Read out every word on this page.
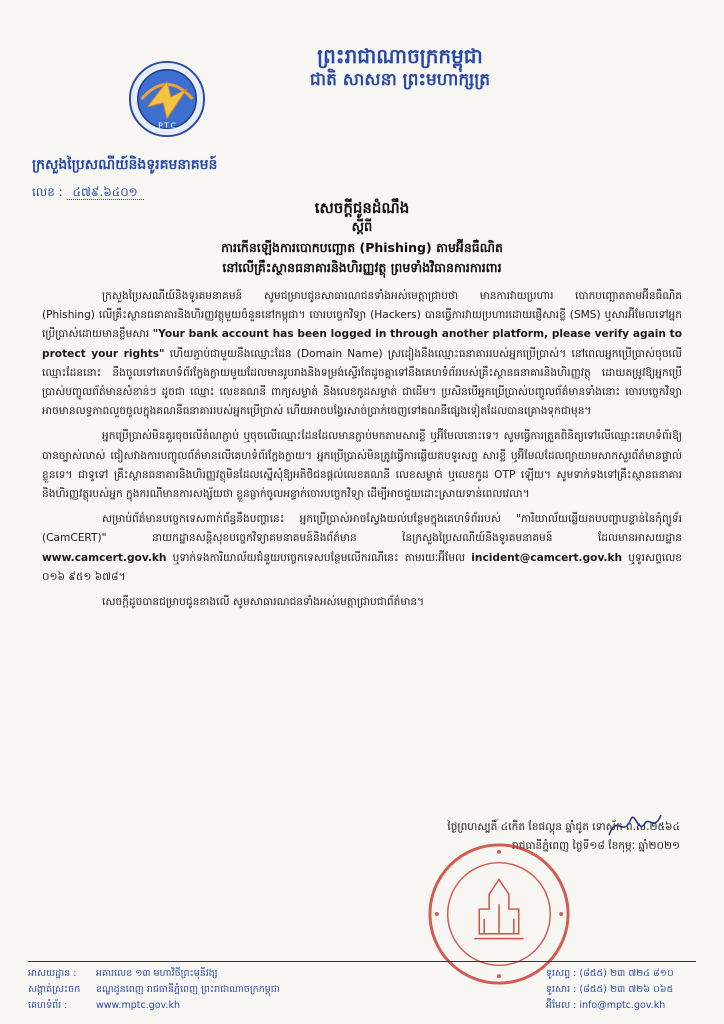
ព្រះរាជាណាចក្រកម្ពុជា
ជាតិ សាសនា ព្រះមហាក្សត្រ
P.T.C
ក្រសួងប្រៃសណីយ៍និងទូរគមនាគមន៍
លេខ : ៤៧៩.៦៤០១
សេចក្តីជូនដំណឹង
ស្តីពី
ការកើនឡើងការបោកបញ្ឆោត (Phishing) តាមអ៊ីនធឺណិត
នៅលើគ្រឹះស្ថានធនាគារនិងហិរញ្ញវត្ថុ ព្រមទាំងវិធានការការពារ

ក្រសួងប្រៃសណីយ៍និងទូរគមនាគមន៍ សូមជម្រាបជូនសាធារណជនទាំងអស់មេត្តាជ្រាបថា មានការវាយប្រហារ បោកបញ្ឆោតតាមអ៊ីនធឺណិត (Phishing) លើគ្រឹះស្ថានធនាគារនិងហិរញ្ញវត្ថុមួយចំនួននៅកម្ពុជា។ ចោរបច្ចេកវិទ្យា (Hackers) បានធ្វើការវាយប្រហារដោយផ្ញើសារខ្លី (SMS) ឬសារអ៊ីមែលទៅអ្នកប្រើប្រាស់ដោយមានខ្លឹមសារ "Your bank account has been logged in through another platform, please verify again to protect your rights" ហើយភ្ជាប់ជាមួយនឹងឈ្មោះដែន (Domain Name) ស្រដៀងនឹងឈ្មោះធនាគាររបស់អ្នកប្រើប្រាស់។ នៅពេលអ្នកប្រើប្រាស់ចុចលើឈ្មោះដែននោះ នឹងចូលទៅគេហទំព័រក្លែងក្លាយមួយដែលមានរូបរាងនិងទម្រង់ស្ទើរតែដូចគ្នាទៅនឹងគេហទំព័ររបស់គ្រឹះស្ថានធនាគារនិងហិរញ្ញវត្ថុ ដោយតម្រូវឱ្យអ្នកប្រើប្រាស់បញ្ចូលព័ត៌មានសំខាន់ៗ ដូចជា ឈ្មោះ លេខគណនី ពាក្យសម្ងាត់ និងលេខកូដសម្ងាត់ ជាដើម។ ប្រសិនបើអ្នកប្រើប្រាស់បញ្ចូលព័ត៌មានទាំងនោះ ចោរបច្ចេកវិទ្យាអាចមានលទ្ធភាពលួចចូលក្នុងគណនីធនាគាររបស់អ្នកប្រើប្រាស់ ហើយអាចបង្វែរសាច់ប្រាក់ចេញទៅគណនីផ្សេងទៀតដែលបានគ្រោងទុកជាមុន។

អ្នកប្រើប្រាស់មិនគួរចុចលើតំណភ្ជាប់ ឬចុចលើឈ្មោះដែនដែលមានភ្ជាប់មកតាមសារខ្លី ឬអ៊ីមែលនោះទេ។ សូមធ្វើការត្រួតពិនិត្យទៅលើឈ្មោះគេហទំព័រឱ្យបានច្បាស់លាស់ ជៀសវាងការបញ្ចូលព័ត៌មានលើគេហទំព័រក្លែងក្លាយ។ អ្នកប្រើប្រាស់មិនត្រូវធ្វើការឆ្លើយតបទូរសព្ទ សារខ្លី ឬអ៊ីមែលដែលព្យាយាមសាកសួរព័ត៌មានផ្ទាល់ខ្លួនទេ។ ជាទូទៅ គ្រឹះស្ថានធនាគារនិងហិរញ្ញវត្ថុមិនដែលស្នើសុំឱ្យអតិថិជនផ្តល់លេខគណនី លេខសម្ងាត់ ឬលេខកូដ OTP ឡើយ។ សូមទាក់ទងទៅគ្រឹះស្ថានធនាគារនិងហិរញ្ញវត្ថុរបស់អ្នក ក្នុងករណីមានការសង្ស័យថា ខ្លួនធ្លាក់ចូលអន្ទាក់ចោរបច្ចេកវិទ្យា ដើម្បីអាចជួយដោះស្រាយទាន់ពេលវេលា។

សម្រាប់ព័ត៌មានបច្ចេកទេសពាក់ព័ន្ធនឹងបញ្ហានេះ អ្នកប្រើប្រាស់អាចស្វែងយល់បន្ថែមក្នុងគេហទំព័ររបស់ "ការិយាល័យឆ្លើយតបបញ្ហាបន្ទាន់នៃកុំព្យូទ័រ (CamCERT)" នាយកដ្ឋានសន្តិសុខបច្ចេកវិទ្យាគមនាគមន៍និងព័ត៌មាន នៃក្រសួងប្រៃសណីយ៍និងទូរគមនាគមន៍ ដែលមានអាសយដ្ឋាន www.camcert.gov.kh ឬទាក់ទងការិយាល័យជំនួយបច្ចេកទេសបន្ថែមលើករណីនេះ តាមរយៈអ៊ីមែល incident@camcert.gov.kh ឬទូរសព្ទលេខ ០១៦ ៩៥១ ៦៧៨។

សេចក្តីដូចបានជម្រាបជូនខាងលើ សូមសាធារណជនទាំងអស់មេត្តាជ្រាបជាព័ត៌មាន។

ថ្ងៃព្រហស្បតិ៍ ៤កើត ខែផល្គុន ឆ្នាំជូត ទោស័ក ព.ស.២៥៦៤
រាជធានីភ្នំពេញ ថ្ងៃទី១៨ ខែកុម្ភៈ ឆ្នាំ២០២១
អាសយដ្ឋាន : អគារលេខ ១៣ មហាវិថីព្រះមុនីវង្ស	ទូរសព្ទ : (៨៥៥) ២៣ ៧២៤ ៨១០
សង្កាត់ស្រះចក ខណ្ឌដូនពេញ រាជធានីភ្នំពេញ ព្រះរាជាណាចក្រកម្ពុជា	ទូរសារ : (៨៥៥) ២៣ ៧២៦ ០៦៥
គេហទំព័រ :	www.mptc.gov.kh	អ៊ីមែល : info@mptc.gov.kh
